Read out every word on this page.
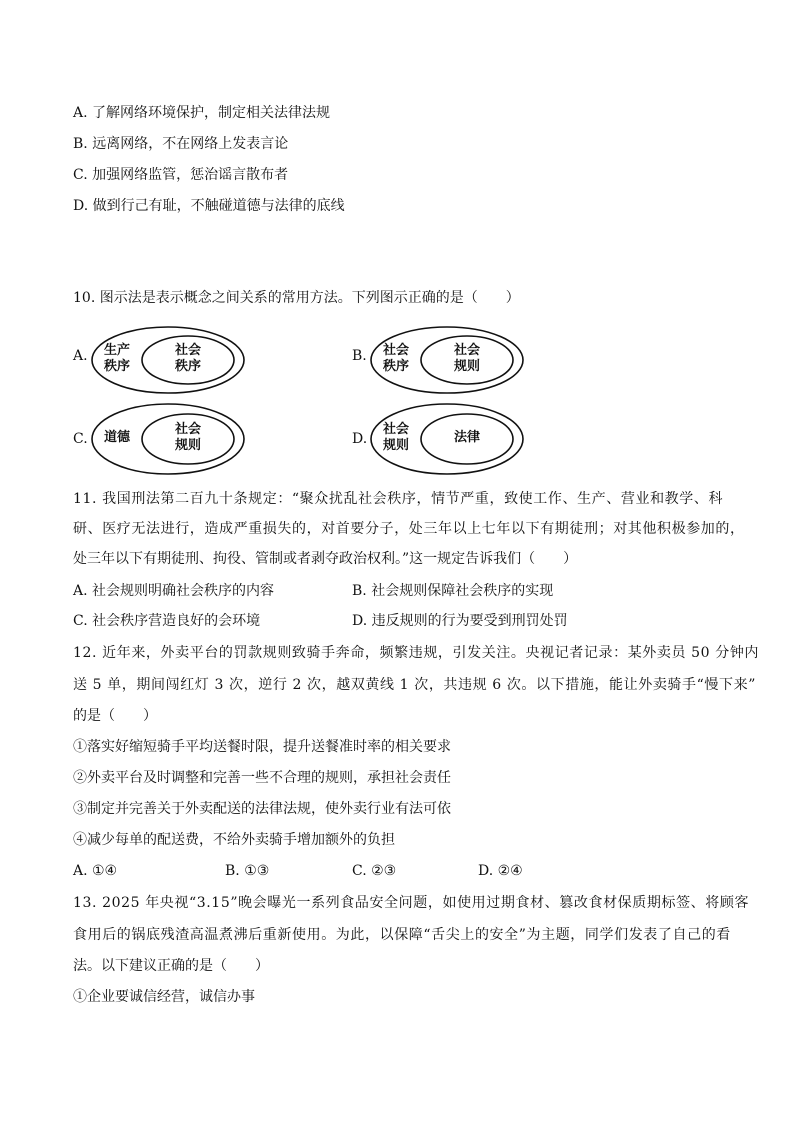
A. 了解网络环境保护，制定相关法律法规
B. 远离网络，不在网络上发表言论
C. 加强网络监管，惩治谣言散布者
D. 做到行己有耻，不触碰道德与法律的底线
10. 图示法是表示概念之间关系的常用方法。下列图示正确的是（　　）
A.	生产
秩序
社会
秩序
B.	社会
秩序
社会
规则
C.	道德
社会
规则	D.
社会
规则
法律
11. 我国刑法第二百九十条规定：“聚众扰乱社会秩序，情节严重，致使工作、生产、营业和教学、科
研、医疗无法进行，造成严重损失的，对首要分子，处三年以上七年以下有期徒刑；对其他积极参加的，
处三年以下有期徒刑、拘役、管制或者剥夺政治权利。”这一规定告诉我们（　　）
A. 社会规则明确社会秩序的内容	B. 社会规则保障社会秩序的实现
C. 社会秩序营造良好的会环境	D. 违反规则的行为要受到刑罚处罚
12. 近年来，外卖平台的罚款规则致骑手奔命，频繁违规，引发关注。央视记者记录：某外卖员 50 分钟内
送 5 单，期间闯红灯 3 次，逆行 2 次，越双黄线 1 次，共违规 6 次。以下措施，能让外卖骑手“慢下来”
的是（　　）
①落实好缩短骑手平均送餐时限，提升送餐准时率的相关要求
②外卖平台及时调整和完善一些不合理的规则，承担社会责任
③制定并完善关于外卖配送的法律法规，使外卖行业有法可依
④减少每单的配送费，不给外卖骑手增加额外的负担
A. ①④	B. ①③	C. ②③	D. ②④
13. 2025 年央视“3.15”晚会曝光一系列食品安全问题，如使用过期食材、篡改食材保质期标签、将顾客
食用后的锅底残渣高温煮沸后重新使用。为此，以保障“舌尖上的安全”为主题，同学们发表了自己的看
法。以下建议正确的是（　　）
①企业要诚信经营，诚信办事
